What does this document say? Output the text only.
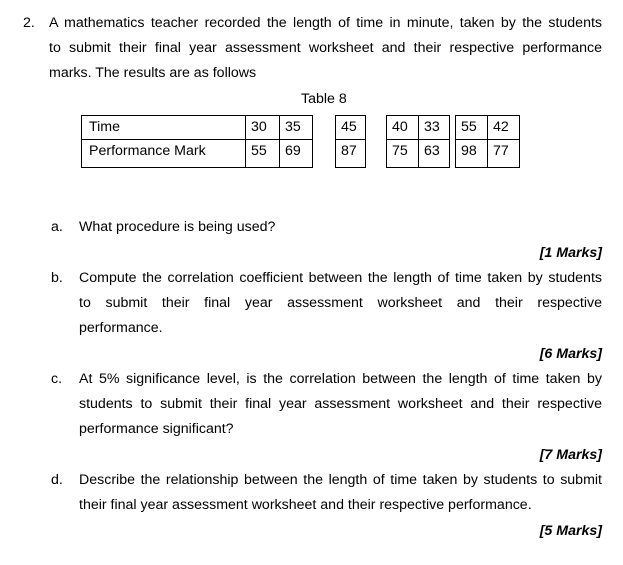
2. A mathematics teacher recorded the length of time in minute, taken by the students
to submit their final year assessment worksheet and their respective performance
marks. The results are as follows
Table 8
Time	30	35	45	40	33	55	42
Performance Mark	55	69	87	75	63	98	77
a. What procedure is being used?
[1 Marks]
b. Compute the correlation coefficient between the length of time taken by students
to submit their final year assessment worksheet and their respective
performance.
[6 Marks]
c. At 5% significance level, is the correlation between the length of time taken by
students to submit their final year assessment worksheet and their respective
performance significant?
[7 Marks]
d. Describe the relationship between the length of time taken by students to submit
their final year assessment worksheet and their respective performance.
[5 Marks]
